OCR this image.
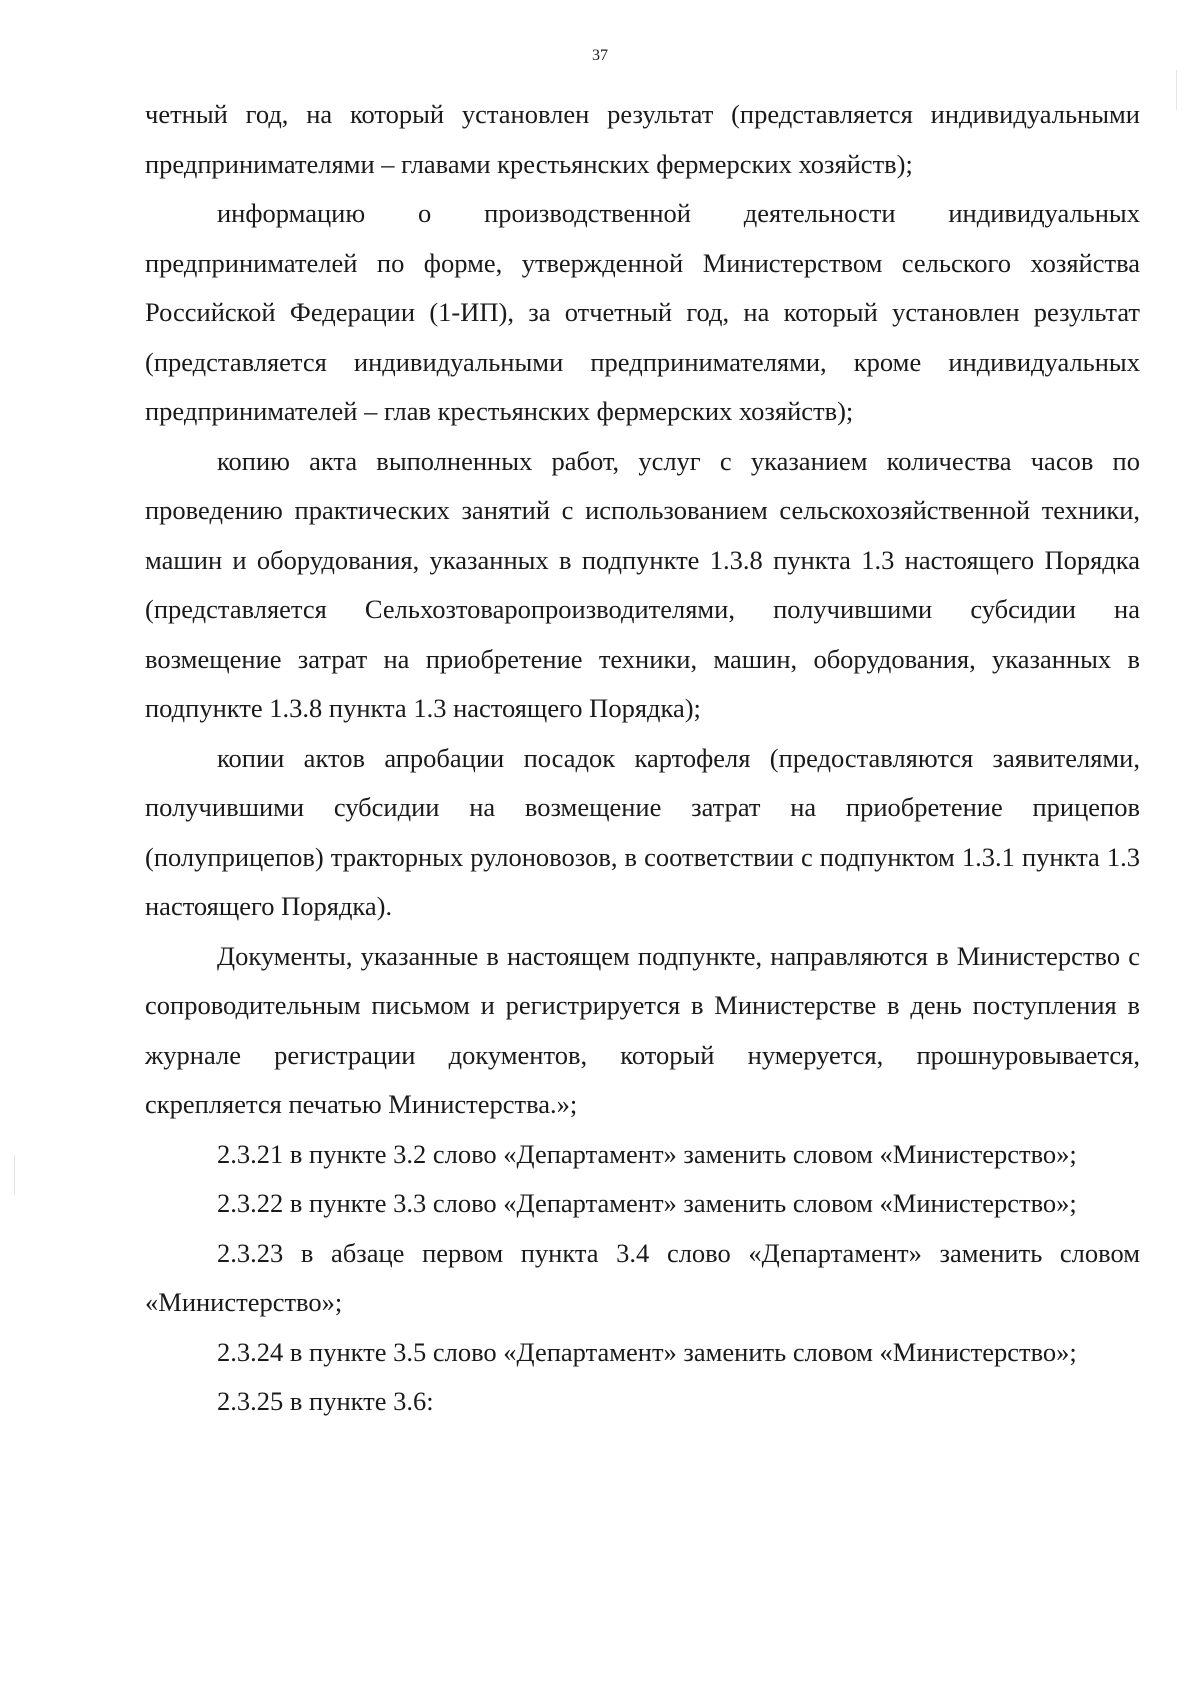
37

четный год, на который установлен результат (представляется индивидуальными предпринимателями – главами крестьянских фермерских хозяйств);

информацию о производственной деятельности индивидуальных предпринимателей по форме, утвержденной Министерством сельского хозяйства Российской Федерации (1-ИП), за отчетный год, на который установлен результат (представляется индивидуальными предпринимателями, кроме индивидуальных предпринимателей – глав крестьянских фермерских хозяйств);

копию акта выполненных работ, услуг с указанием количества часов по проведению практических занятий с использованием сельскохозяйственной техники, машин и оборудования, указанных в подпункте 1.3.8 пункта 1.3 настоящего Порядка (представляется Сельхозтоваропроизводителями, получившими субсидии на возмещение затрат на приобретение техники, машин, оборудования, указанных в подпункте 1.3.8 пункта 1.3 настоящего Порядка);

копии актов апробации посадок картофеля (предоставляются заявителями, получившими субсидии на возмещение затрат на приобретение прицепов (полуприцепов) тракторных рулоновозов, в соответствии с подпунктом 1.3.1 пункта 1.3 настоящего Порядка).

Документы, указанные в настоящем подпункте, направляются в Министерство с сопроводительным письмом и регистрируется в Министерстве в день поступления в журнале регистрации документов, который нумеруется, прошнуровывается, скрепляется печатью Министерства.»;

2.3.21 в пункте 3.2 слово «Департамент» заменить словом «Министерство»;

2.3.22 в пункте 3.3 слово «Департамент» заменить словом «Министерство»;

2.3.23 в абзаце первом пункта 3.4 слово «Департамент» заменить словом «Министерство»;

2.3.24 в пункте 3.5 слово «Департамент» заменить словом «Министерство»;

2.3.25 в пункте 3.6:
